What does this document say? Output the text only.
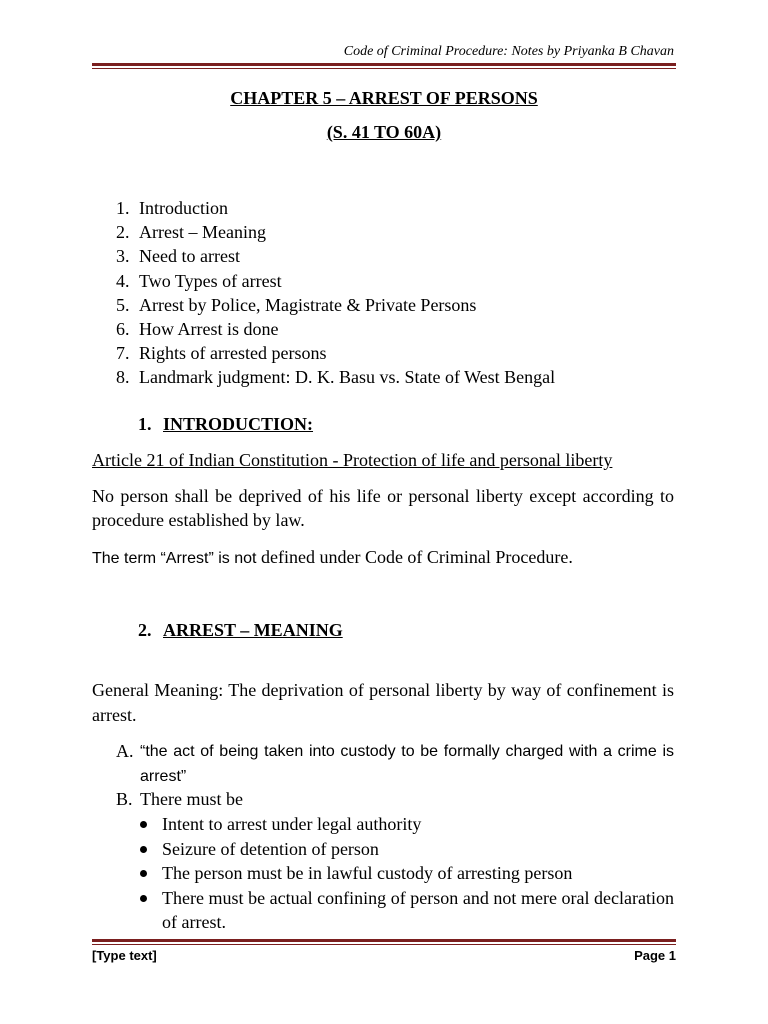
Code of Criminal Procedure: Notes by Priyanka B Chavan
CHAPTER 5 – ARREST OF PERSONS
(S. 41 TO 60A)
1. Introduction
2. Arrest – Meaning
3. Need to arrest
4. Two Types of arrest
5. Arrest by Police, Magistrate & Private Persons
6. How Arrest is done
7. Rights of arrested persons
8. Landmark judgment: D. K. Basu vs. State of West Bengal
1. INTRODUCTION:
Article 21 of Indian Constitution - Protection of life and personal liberty
No person shall be deprived of his life or personal liberty except according to procedure established by law.
The term “Arrest” is not defined under Code of Criminal Procedure.
2. ARREST – MEANING
General Meaning: The deprivation of personal liberty by way of confinement is arrest.
A. “the act of being taken into custody to be formally charged with a crime is arrest”
B. There must be
Intent to arrest under legal authority
Seizure of detention of person
The person must be in lawful custody of arresting person
There must be actual confining of person and not mere oral declaration of arrest.
[Type text]	Page 1
